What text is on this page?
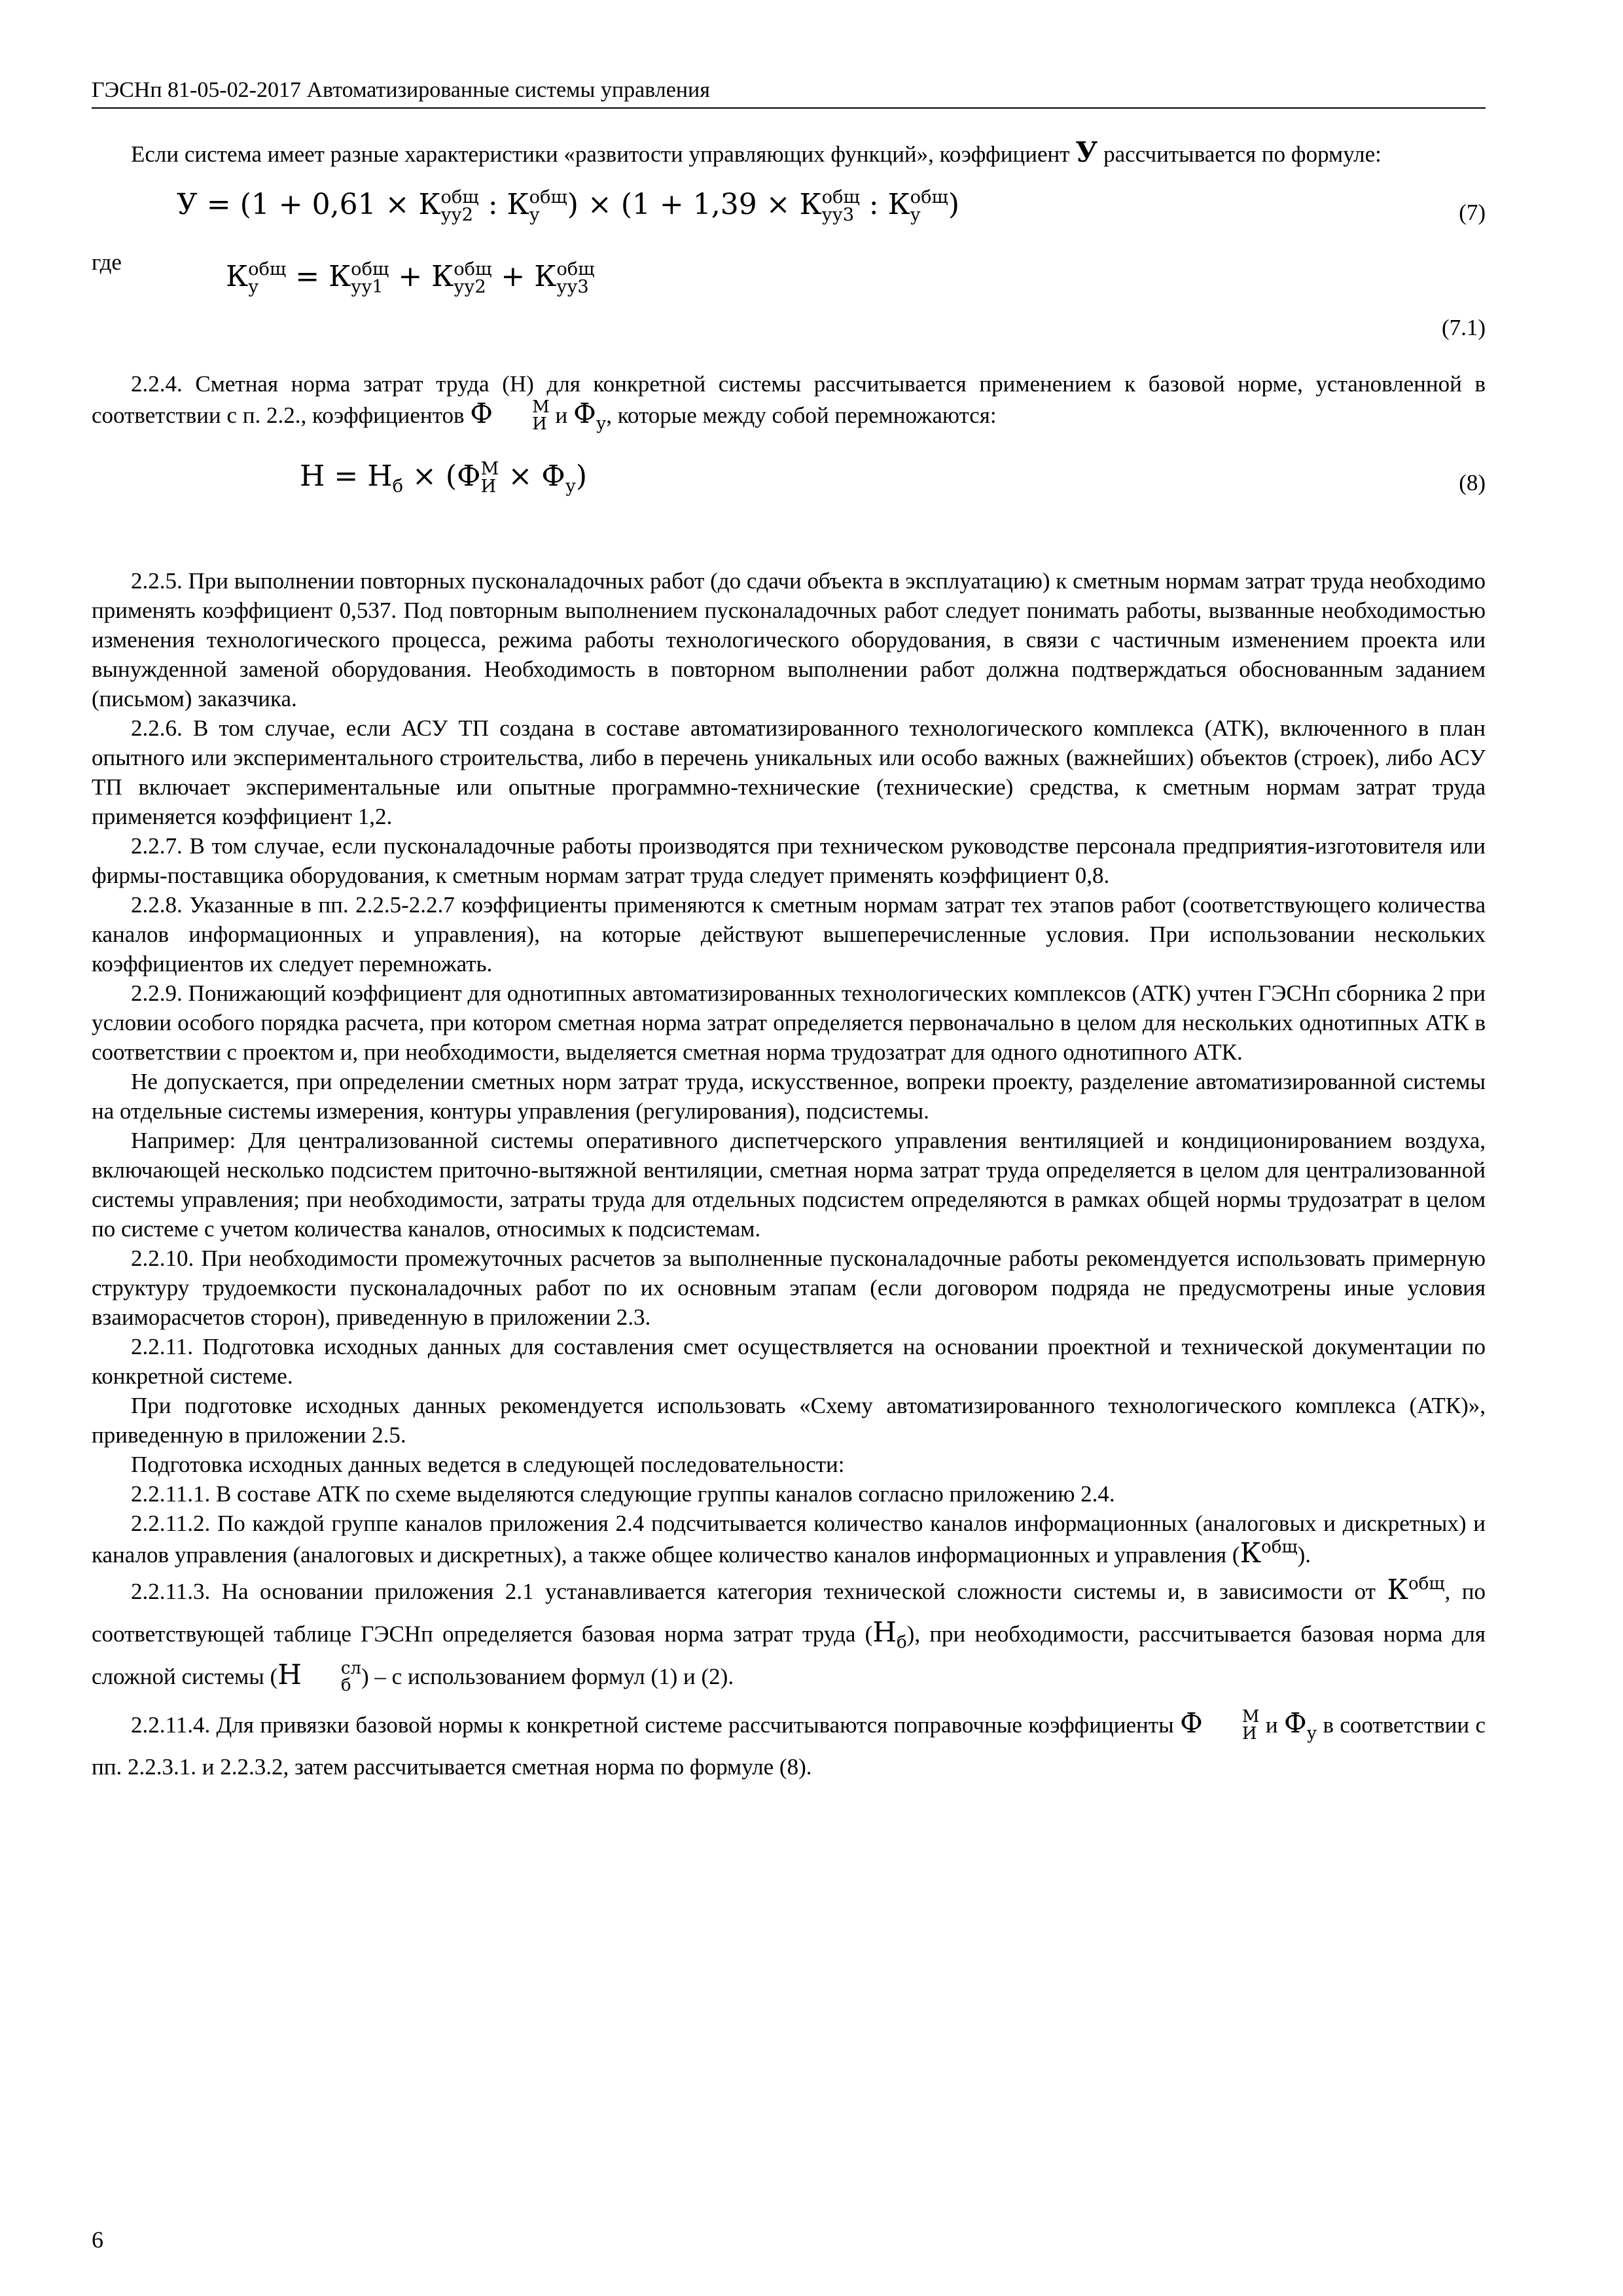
ГЭСНп 81-05-02-2017 Автоматизированные системы управления

Если система имеет разные характеристики «развитости управляющих функций», коэффициент У рассчитывается по формуле:

У = (1 + 0,61 × К общ
уу2 : К общ
у ) × (1 + 1,39 × К общ
уу3 : К общ
у )	(7)
где	К общ
у = К общ
уу1 + К общ
уу2 + К общ
уу3
(7.1)

2.2.4. Сметная норма затрат труда (Н) для конкретной системы рассчитывается применением к базовой норме, установленной в соответствии с п. 2.2., коэффициентов Ф	М
И и $Ф_у$, которые между собой перемножаются:

$Н = Н_б \times (Ф$ М
$И \times Ф_у$)	(8)

2.2.5. При выполнении повторных пусконаладочных работ (до сдачи объекта в эксплуатацию) к сметным нормам затрат труда необходимо применять коэффициент 0,537. Под повторным выполнением пусконаладочных работ следует понимать работы, вызванные необходимостью изменения технологического процесса, режима работы технологического оборудования, в связи с частичным изменением проекта или вынужденной заменой оборудования. Необходимость в повторном выполнении работ должна подтверждаться обоснованным заданием (письмом) заказчика.

2.2.6. В том случае, если АСУ ТП создана в составе автоматизированного технологического комплекса (АТК), включенного в план опытного или экспериментального строительства, либо в перечень уникальных или особо важных (важнейших) объектов (строек), либо АСУ ТП включает экспериментальные или опытные программно-технические (технические) средства, к сметным нормам затрат труда применяется коэффициент 1,2.

2.2.7. В том случае, если пусконаладочные работы производятся при техническом руководстве персонала предприятия-изготовителя или фирмы-поставщика оборудования, к сметным нормам затрат труда следует применять коэффициент 0,8.

2.2.8. Указанные в пп. 2.2.5-2.2.7 коэффициенты применяются к сметным нормам затрат тех этапов работ (соответствующего количества каналов информационных и управления), на которые действуют вышеперечисленные условия. При использовании нескольких коэффициентов их следует перемножать.

2.2.9. Понижающий коэффициент для однотипных автоматизированных технологических комплексов (АТК) учтен ГЭСНп сборника 2 при условии особого порядка расчета, при котором сметная норма затрат определяется первоначально в целом для нескольких однотипных АТК в соответствии с проектом и, при необходимости, выделяется сметная норма трудозатрат для одного однотипного АТК.

Не допускается, при определении сметных норм затрат труда, искусственное, вопреки проекту, разделение автоматизированной системы на отдельные системы измерения, контуры управления (регулирования), подсистемы.

Например: Для централизованной системы оперативного диспетчерского управления вентиляцией и кондиционированием воздуха, включающей несколько подсистем приточно-вытяжной вентиляции, сметная норма затрат труда определяется в целом для централизованной системы управления; при необходимости, затраты труда для отдельных подсистем определяются в рамках общей нормы трудозатрат в целом по системе с учетом количества каналов, относимых к подсистемам.

2.2.10. При необходимости промежуточных расчетов за выполненные пусконаладочные работы рекомендуется использовать примерную структуру трудоемкости пусконаладочных работ по их основным этапам (если договором подряда не предусмотрены иные условия взаиморасчетов сторон), приведенную в приложении 2.3.

2.2.11. Подготовка исходных данных для составления смет осуществляется на основании проектной и технической документации по конкретной системе.

При подготовке исходных данных рекомендуется использовать «Схему автоматизированного технологического комплекса (АТК)», приведенную в приложении 2.5.

Подготовка исходных данных ведется в следующей последовательности:

2.2.11.1. В составе АТК по схеме выделяются следующие группы каналов согласно приложению 2.4.

2.2.11.2. По каждой группе каналов приложения 2.4 подсчитывается количество каналов информационных (аналоговых и дискретных) и каналов управления (аналоговых и дискретных), а также общее количество каналов информационных и управления $(К^{общ})$.

2.2.11.3. На основании приложения 2.1 устанавливается категория технической сложности системы и, в зависимости от $К^{общ}$, по соответствующей таблице ГЭСНп определяется базовая норма затрат труда $(Н_б)$, при необходимости, рассчитывается базовая норма для сложной системы (Н	сл
б ) – с использованием формул (1) и (2).

2.2.11.4. Для привязки базовой нормы к конкретной системе рассчитываются поправочные коэффициенты Ф	М
И и $Ф_у$ в соответствии с пп. 2.2.3.1. и 2.2.3.2, затем рассчитывается сметная норма по формуле (8).

6
